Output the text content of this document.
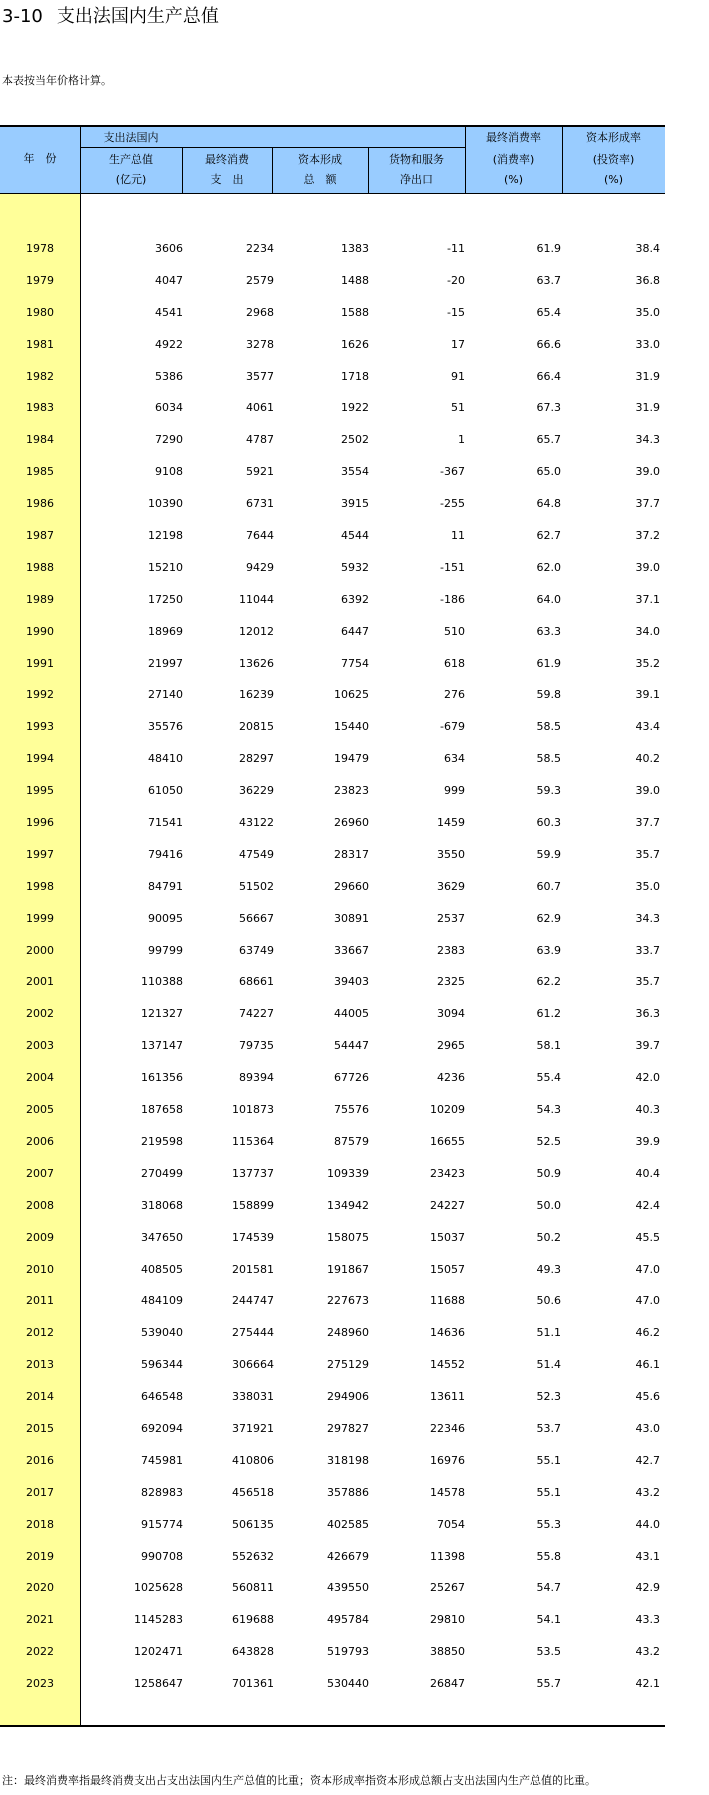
3-10 支出法国内生产总值
本表按当年价格计算。
年　份
支出法国内
生产总值
(亿元)
最终消费
支　出
资本形成
总　额
货物和服务
净出口
最终消费率
(消费率)
(%)
资本形成率
(投资率)
(%)
1978	3606	2234	1383	-11	61.9	38.4
1979	4047	2579	1488	-20	63.7	36.8
1980	4541	2968	1588	-15	65.4	35.0
1981	4922	3278	1626	17	66.6	33.0
1982	5386	3577	1718	91	66.4	31.9
1983	6034	4061	1922	51	67.3	31.9
1984	7290	4787	2502	1	65.7	34.3
1985	9108	5921	3554	-367	65.0	39.0
1986	10390	6731	3915	-255	64.8	37.7
1987	12198	7644	4544	11	62.7	37.2
1988	15210	9429	5932	-151	62.0	39.0
1989	17250	11044	6392	-186	64.0	37.1
1990	18969	12012	6447	510	63.3	34.0
1991	21997	13626	7754	618	61.9	35.2
1992	27140	16239	10625	276	59.8	39.1
1993	35576	20815	15440	-679	58.5	43.4
1994	48410	28297	19479	634	58.5	40.2
1995	61050	36229	23823	999	59.3	39.0
1996	71541	43122	26960	1459	60.3	37.7
1997	79416	47549	28317	3550	59.9	35.7
1998	84791	51502	29660	3629	60.7	35.0
1999	90095	56667	30891	2537	62.9	34.3
2000	99799	63749	33667	2383	63.9	33.7
2001	110388	68661	39403	2325	62.2	35.7
2002	121327	74227	44005	3094	61.2	36.3
2003	137147	79735	54447	2965	58.1	39.7
2004	161356	89394	67726	4236	55.4	42.0
2005	187658	101873	75576	10209	54.3	40.3
2006	219598	115364	87579	16655	52.5	39.9
2007	270499	137737	109339	23423	50.9	40.4
2008	318068	158899	134942	24227	50.0	42.4
2009	347650	174539	158075	15037	50.2	45.5
2010	408505	201581	191867	15057	49.3	47.0
2011	484109	244747	227673	11688	50.6	47.0
2012	539040	275444	248960	14636	51.1	46.2
2013	596344	306664	275129	14552	51.4	46.1
2014	646548	338031	294906	13611	52.3	45.6
2015	692094	371921	297827	22346	53.7	43.0
2016	745981	410806	318198	16976	55.1	42.7
2017	828983	456518	357886	14578	55.1	43.2
2018	915774	506135	402585	7054	55.3	44.0
2019	990708	552632	426679	11398	55.8	43.1
2020	1025628	560811	439550	25267	54.7	42.9
2021	1145283	619688	495784	29810	54.1	43.3
2022	1202471	643828	519793	38850	53.5	43.2
2023	1258647	701361	530440	26847	55.7	42.1
注：最终消费率指最终消费支出占支出法国内生产总值的比重；资本形成率指资本形成总额占支出法国内生产总值的比重。
